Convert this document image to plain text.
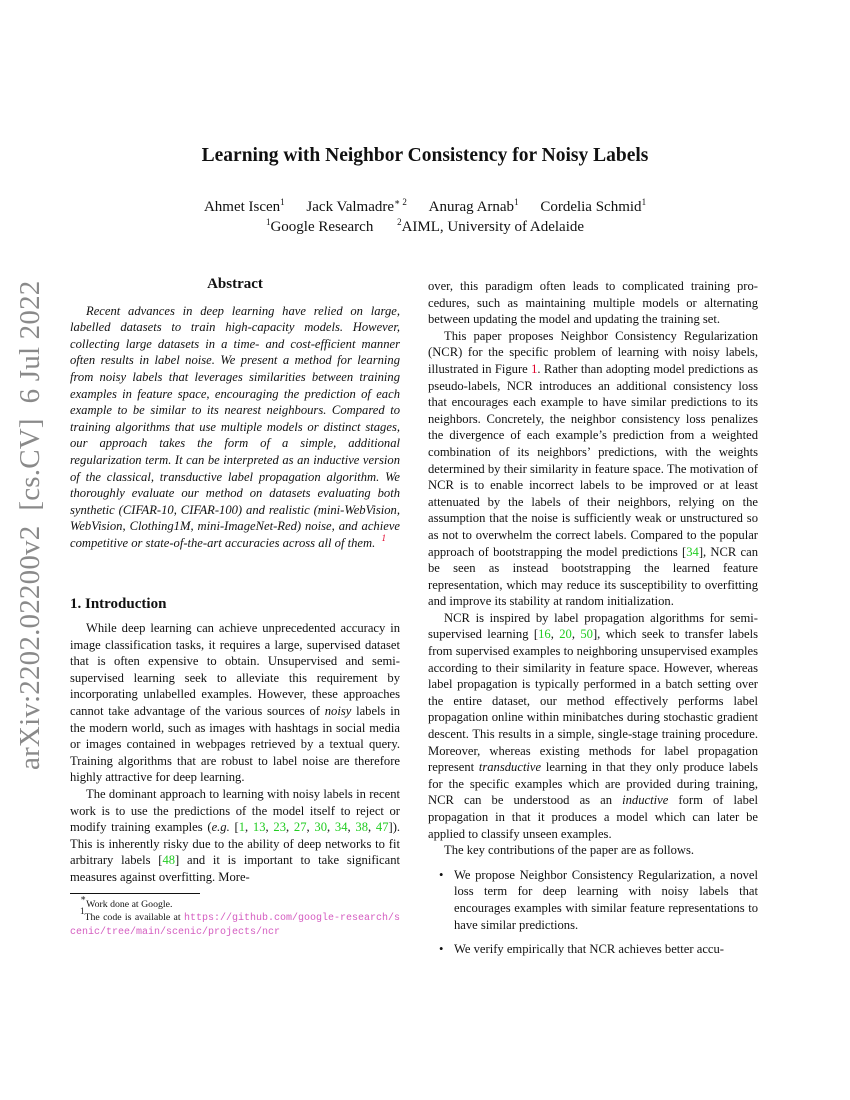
arXiv:2202.02200v2  [cs.CV]  6 Jul 2022
Learning with Neighbor Consistency for Noisy Labels
Ahmet Iscen$^1$ Jack Valmadre$^{∗ 2}$ Anurag Arnab$^1$ Cordelia Schmid$^1$
$^1$Google Research	$^2$AIML, University of Adelaide
Abstract

Recent advances in deep learning have relied on large, labelled datasets to train high-capacity models. However, collecting large datasets in a time- and cost-efficient manner often results in label noise. We present a method for learning from noisy labels that leverages similarities between training examples in feature space, encouraging the prediction of each example to be similar to its nearest neighbours. Compared to training algorithms that use multiple models or distinct stages, our approach takes the form of a simple, additional regularization term. It can be interpreted as an inductive version of the classical, transductive label propagation algorithm. We thoroughly evaluate our method on datasets evaluating both synthetic (CIFAR-10, CIFAR-100) and realistic (mini-WebVision, WebVision, Clothing1M, mini-ImageNet-Red) noise, and achieve competitive or state-of-the-art accuracies across all of them. $^1$

1. Introduction

While deep learning can achieve unprecedented accuracy in image classification tasks, it requires a large, supervised dataset that is often expensive to obtain. Unsupervised and semi-supervised learning seek to alleviate this requirement by incorporating unlabelled examples. However, these approaches cannot take advantage of the various sources of noisy labels in the modern world, such as images with hashtags in social media or images contained in webpages retrieved by a textual query. Training algorithms that are robust to label noise are therefore highly attractive for deep learning.

The dominant approach to learning with noisy labels in recent work is to use the predictions of the model itself to reject or modify training examples (e.g. [1, 13, 23, 27, 30, 34, 38, 47]). This is inherently risky due to the ability of deep networks to fit arbitrary labels [48] and it is important to take significant measures against overfitting. More-

∗Work done at Google.
$^1$The code is available at https://github.com/google-research/scenic/tree/main/scenic/projects/ncr

over, this paradigm often leads to complicated training procedures, such as maintaining multiple models or alternating between updating the model and updating the training set.

This paper proposes Neighbor Consistency Regularization (NCR) for the specific problem of learning with noisy labels, illustrated in Figure 1. Rather than adopting model predictions as pseudo-labels, NCR introduces an additional consistency loss that encourages each example to have similar predictions to its neighbors. Concretely, the neighbor consistency loss penalizes the divergence of each example’s prediction from a weighted combination of its neighbors’ predictions, with the weights determined by their similarity in feature space. The motivation of NCR is to enable incorrect labels to be improved or at least attenuated by the labels of their neighbors, relying on the assumption that the noise is sufficiently weak or unstructured so as not to overwhelm the correct labels. Compared to the popular approach of bootstrapping the model predictions [34], NCR can be seen as instead bootstrapping the learned feature representation, which may reduce its susceptibility to overfitting and improve its stability at random initialization.

NCR is inspired by label propagation algorithms for semi-supervised learning [16, 20, 50], which seek to transfer labels from supervised examples to neighboring unsupervised examples according to their similarity in feature space. However, whereas label propagation is typically performed in a batch setting over the entire dataset, our method effectively performs label propagation online within minibatches during stochastic gradient descent. This results in a simple, single-stage training procedure. Moreover, whereas existing methods for label propagation represent transductive learning in that they only produce labels for the specific examples which are provided during training, NCR can be understood as an inductive form of label propagation in that it produces a model which can later be applied to classify unseen examples.

The key contributions of the paper are as follows.

• We propose Neighbor Consistency Regularization, a novel loss term for deep learning with noisy labels that encourages examples with similar feature representations to have similar predictions.
• We verify empirically that NCR achieves better accu-
